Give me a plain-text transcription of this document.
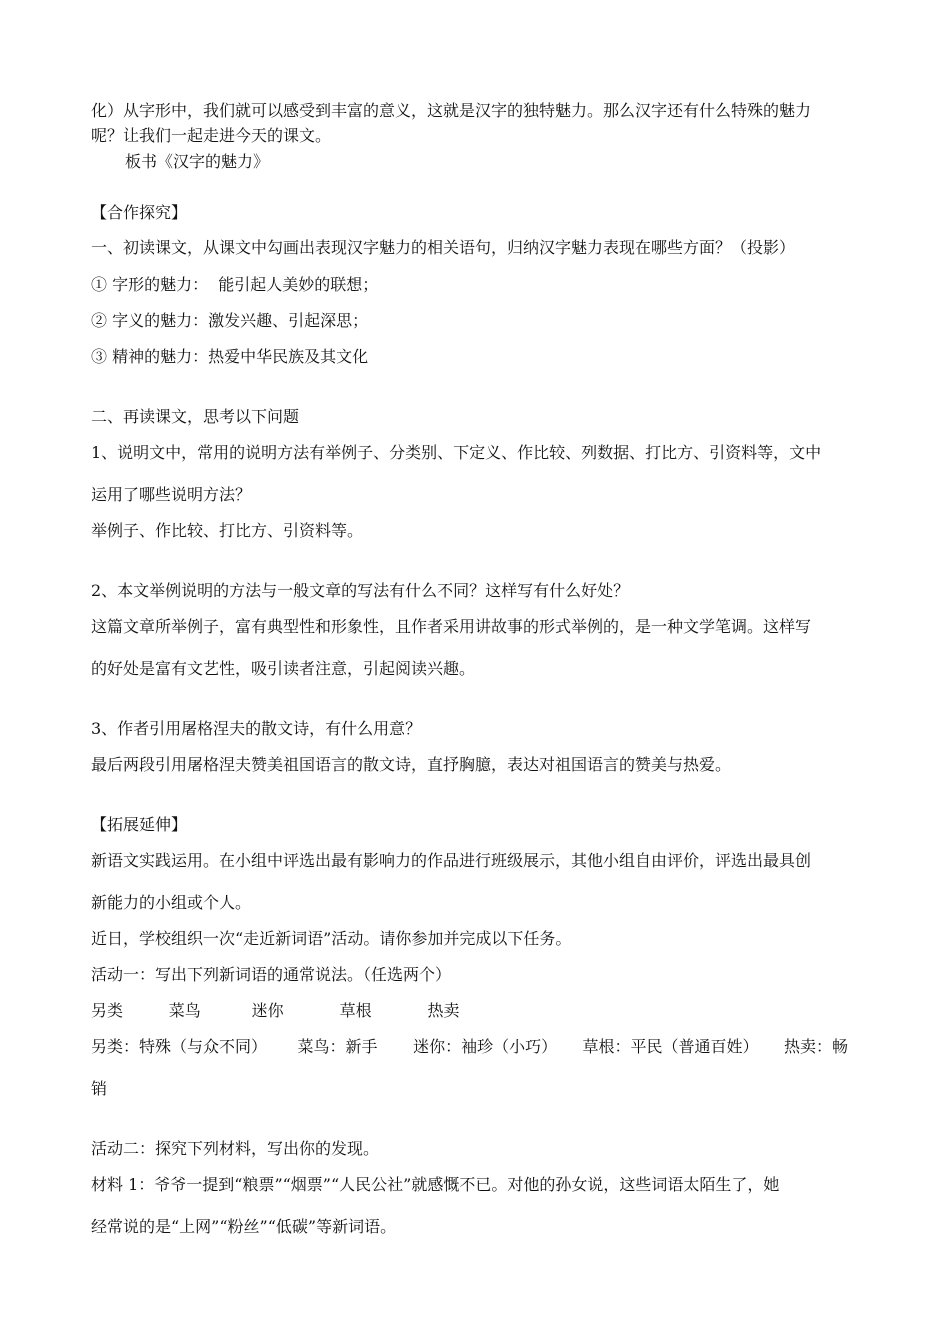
化）从字形中，我们就可以感受到丰富的意义，这就是汉字的独特魅力。那么汉字还有什么特殊的魅力

呢？让我们一起走进今天的课文。

板书《汉字的魅力》

【合作探究】

一、初读课文，从课文中勾画出表现汉字魅力的相关语句，归纳汉字魅力表现在哪些方面？（投影）

① 字形的魅力：  能引起人美妙的联想；

② 字义的魅力：激发兴趣、引起深思；

③ 精神的魅力：热爱中华民族及其文化

二、再读课文，思考以下问题

1、说明文中，常用的说明方法有举例子、分类别、下定义、作比较、列数据、打比方、引资料等，文中

运用了哪些说明方法？

举例子、作比较、打比方、引资料等。

2、本文举例说明的方法与一般文章的写法有什么不同？这样写有什么好处？

这篇文章所举例子，富有典型性和形象性，且作者采用讲故事的形式举例的，是一种文学笔调。这样写

的好处是富有文艺性，吸引读者注意，引起阅读兴趣。

3、作者引用屠格涅夫的散文诗，有什么用意？

最后两段引用屠格涅夫赞美祖国语言的散文诗，直抒胸臆，表达对祖国语言的赞美与热爱。

【拓展延伸】

新语文实践运用。在小组中评选出最有影响力的作品进行班级展示，其他小组自由评价，评选出最具创

新能力的小组或个人。

近日，学校组织一次“走近新词语”活动。请你参加并完成以下任务。

活动一：写出下列新词语的通常说法。（任选两个）

另类         菜鸟          迷你           草根           热卖

另类：特殊（与众不同）      菜鸟：新手       迷你：袖珍（小巧）     草根：平民（普通百姓）     热卖：畅

销

活动二：探究下列材料，写出你的发现。

材料 1：爷爷一提到“粮票”“烟票”“人民公社”就感慨不已。对他的孙女说，这些词语太陌生了，她

经常说的是“上网”“粉丝”“低碳”等新词语。
